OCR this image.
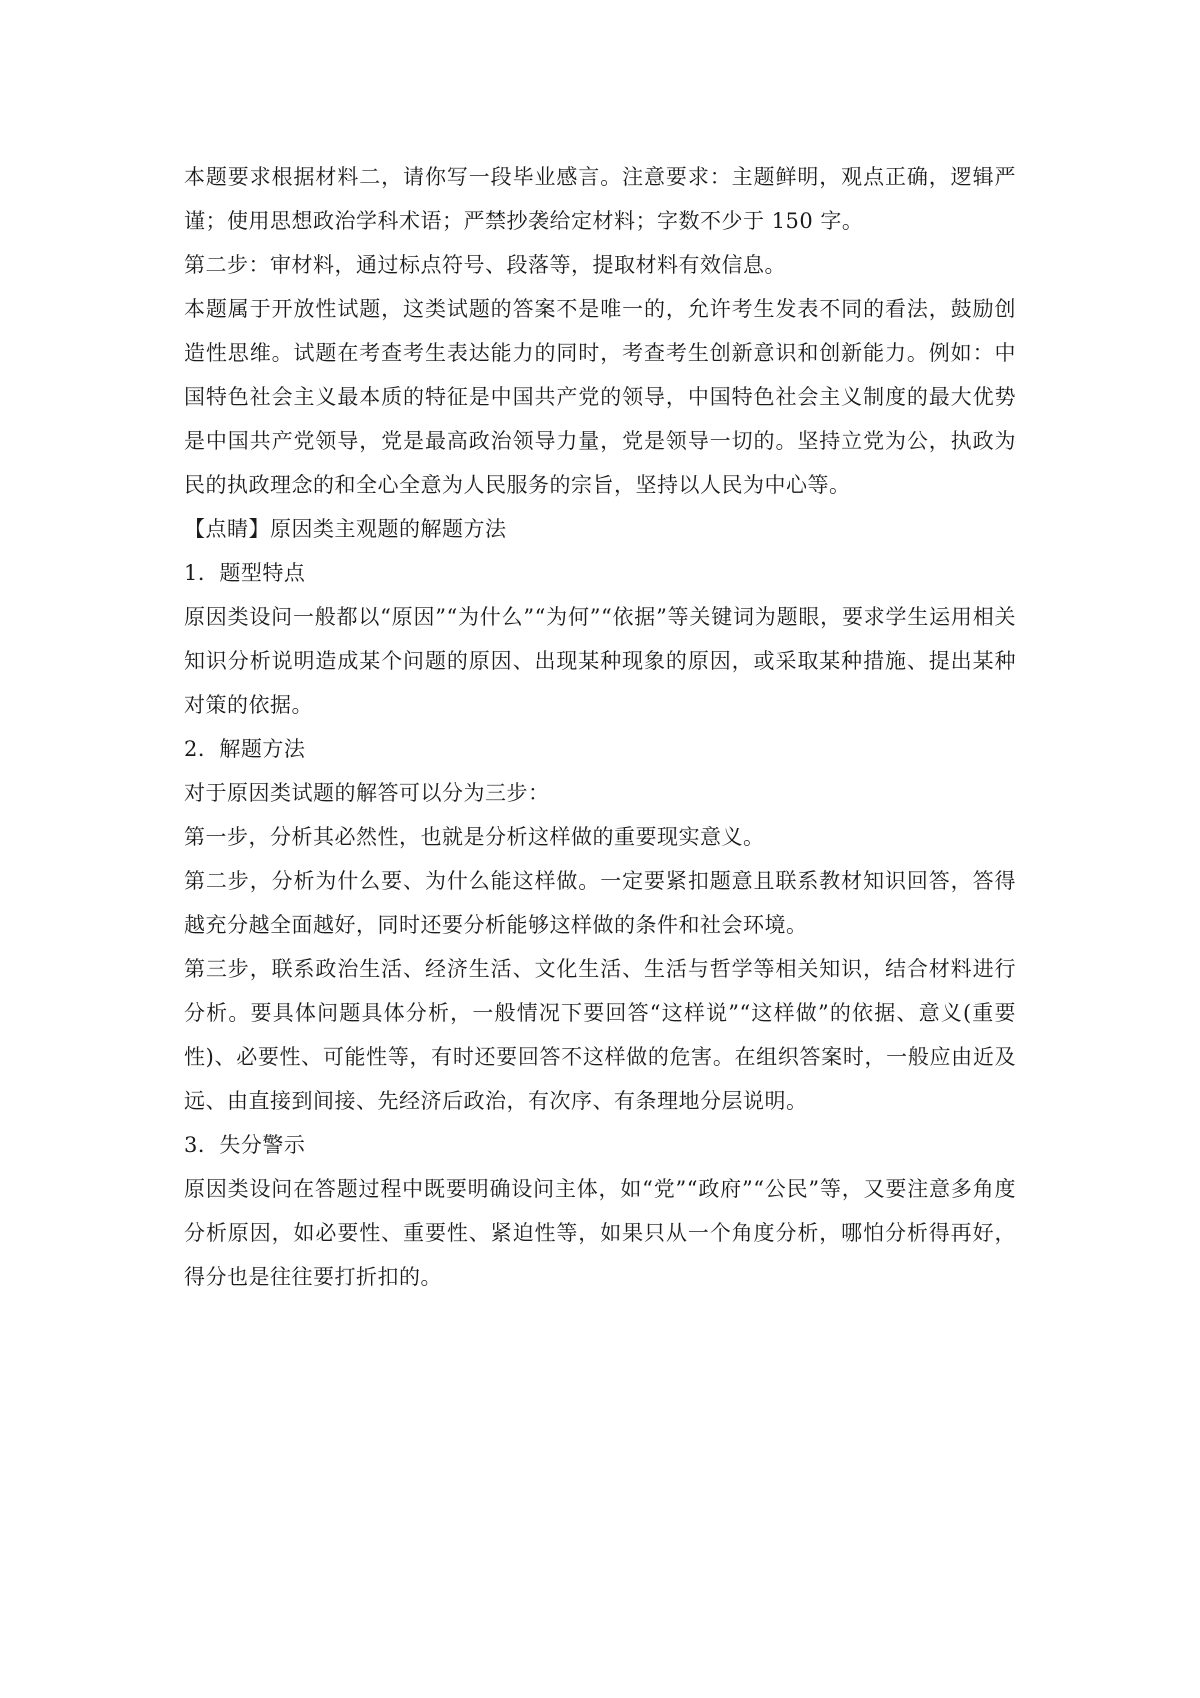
本题要求根据材料二，请你写一段毕业感言。注意要求：主题鲜明，观点正确，逻辑严谨；使用思想政治学科术语；严禁抄袭给定材料；字数不少于 150 字。

第二步：审材料，通过标点符号、段落等，提取材料有效信息。

本题属于开放性试题，这类试题的答案不是唯一的，允许考生发表不同的看法，鼓励创造性思维。试题在考查考生表达能力的同时，考查考生创新意识和创新能力。例如：中国特色社会主义最本质的特征是中国共产党的领导，中国特色社会主义制度的最大优势是中国共产党领导，党是最高政治领导力量，党是领导一切的。坚持立党为公，执政为民的执政理念的和全心全意为人民服务的宗旨，坚持以人民为中心等。

【点睛】原因类主观题的解题方法

1．题型特点

原因类设问一般都以“原因”“为什么”“为何”“依据”等关键词为题眼，要求学生运用相关知识分析说明造成某个问题的原因、出现某种现象的原因，或采取某种措施、提出某种对策的依据。

2．解题方法

对于原因类试题的解答可以分为三步：

第一步，分析其必然性，也就是分析这样做的重要现实意义。

第二步，分析为什么要、为什么能这样做。一定要紧扣题意且联系教材知识回答，答得越充分越全面越好，同时还要分析能够这样做的条件和社会环境。

第三步，联系政治生活、经济生活、文化生活、生活与哲学等相关知识，结合材料进行分析。要具体问题具体分析，一般情况下要回答“这样说”“这样做”的依据、意义(重要性)、必要性、可能性等，有时还要回答不这样做的危害。在组织答案时，一般应由近及远、由直接到间接、先经济后政治，有次序、有条理地分层说明。

3．失分警示

原因类设问在答题过程中既要明确设问主体，如“党”“政府”“公民”等，又要注意多角度分析原因，如必要性、重要性、紧迫性等，如果只从一个角度分析，哪怕分析得再好，得分也是往往要打折扣的。
